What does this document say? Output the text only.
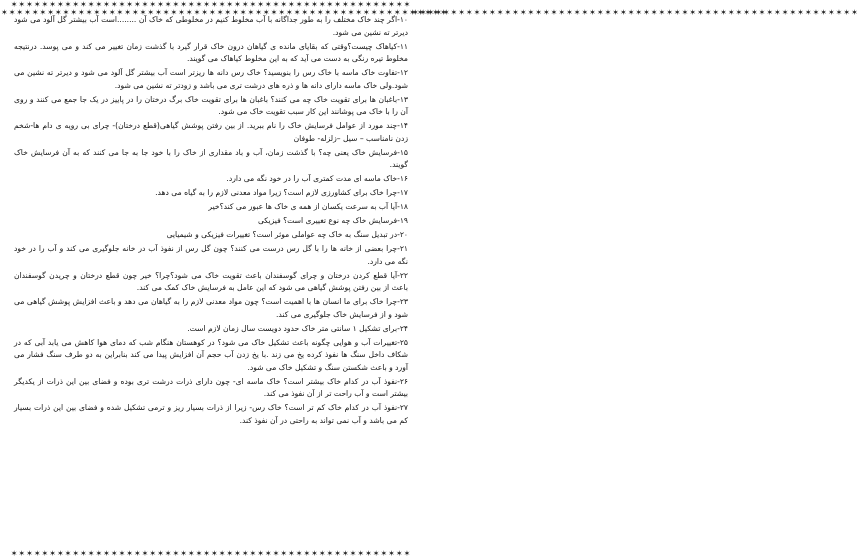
✶✶✶✶✶✶✶✶✶✶✶✶✶✶✶✶✶✶✶✶✶✶✶✶✶✶✶✶✶✶✶✶✶✶✶✶✶✶✶✶✶✶✶✶✶✶✶✶✶✶✶✶
✶✶✶✶✶✶✶✶✶✶✶✶✶✶✶✶✶✶✶✶✶✶✶✶✶✶✶✶✶✶✶✶✶✶✶✶✶✶✶✶✶✶✶✶✶✶✶✶✶✶✶✶
✶✶✶✶✶✶✶✶✶✶✶✶✶✶✶✶✶✶✶✶✶✶✶✶✶✶✶✶✶✶✶✶✶✶✶✶✶✶✶✶✶✶✶✶✶✶✶✶✶✶✶✶✶✶✶✶✶✶
✶✶✶✶✶✶✶✶✶✶✶✶✶✶✶✶✶✶✶✶✶✶✶✶✶✶✶✶✶✶✶✶✶✶✶✶✶✶✶✶✶✶✶✶✶✶✶✶✶✶✶✶✶✶✶✶✶✶

۱۰-اگر چند خاک مختلف را به طور جداگانه با آب مخلوط کنیم در مخلوطی که خاک آن ........است آب بیشتر گل آلود می شود دیرتر ته نشین می شود.

۱۱-کیاهاک چیست؟وقتی که بقایای مانده ی گیاهان درون خاک قرار گیرد با گذشت زمان تغییر می کند و می پوسد. درنتیجه مخلوط تیره رنگی به دست می آید که به این مخلوط کیاهاک می گویند.

۱۲-تفاوت خاک ماسه با خاک رس را بنویسید؟ خاک رس دانه ها ریزتر است آب بیشتر گل آلود می شود و دیرتر ته نشین می شود.ولی خاک ماسه دارای دانه ها و ذره های درشت تری می باشد و زودتر ته نشین می شود.

۱۳-باغبان ها برای تقویت خاک چه می کنند؟ باغبان ها برای تقویت خاک برگ درختان را در پاییز در یک جا جمع می کنند و روی آن را با خاک می پوشانند این کار سبب تقویت خاک می شود.

۱۴-چند مورد از عوامل فرسایش خاک را نام ببرید. از بین رفتن پوشش گیاهی(قطع درختان)- چرای بی رویه ی دام ها-شخم زدن نامناسب – سیل –زلزله- طوفان

۱۵-فرسایش خاک یعنی چه؟ با گذشت زمان، آب و باد مقداری از خاک را با خود جا به جا می کنند که به آن فرسایش خاک گویند.

۱۶-خاک ماسه ای مدت کمتری آب را در خود نگه می دارد.

۱۷-چرا خاک برای کشاورزی لازم است؟ زیرا مواد معدنی لازم را به گیاه می دهد.

۱۸-آیا آب به سرعت یکسان از همه ی خاک ها عبور می کند؟خیر

۱۹-فرسایش خاک چه نوع تغییری است؟ فیزیکی

۲۰-در تبدیل سنگ به خاک چه عواملی موثر است؟ تغییرات فیزیکی و شیمیایی

۲۱-چرا بعضی از خانه ها را با گل رس درست می کنند؟ چون گل رس از نفوذ آب در خانه جلوگیری می کند و آب را در خود نگه می دارد.

۲۲-آیا قطع کردن درختان و چرای گوسفندان باعث تقویت خاک می شود؟چرا؟ خیر چون قطع درختان و چریدن گوسفندان باعث از بین رفتن پوشش گیاهی می شود که این عامل به فرسایش خاک کمک می کند.

۲۳-چرا خاک برای ما انسان ها با اهمیت است؟ چون مواد معدنی لازم را به گیاهان می دهد و باعث افزایش پوشش گیاهی می شود و از فرسایش خاک جلوگیری می کند.

۲۴-برای تشکیل ۱ سانتی متر خاک حدود دویست سال زمان لازم است.

۲۵-تغییرات آب و هوایی چگونه باعث تشکیل خاک می شود؟ در کوهستان هنگام شب که دمای هوا کاهش می یابد آبی که در شکاف داخل سنگ ها نفوذ کرده یخ می زند .با یخ زدن آب حجم آن افزایش پیدا می کند بنابراین به دو طرف سنگ فشار می آورد و باعث شکستن سنگ و تشکیل خاک می شود.

۲۶-نفوذ آب در کدام خاک بیشتر است؟ خاک ماسه ای- چون دارای ذرات درشت تری بوده و فضای بین این ذرات از یکدیگر بیشتر است و آب راحت تر از آن نفوذ می کند.

۲۷-نفوذ آب در کدام خاک کم تر است؟ خاک رس- زیرا از ذرات بسیار ریز و ترمی تشکیل شده و فضای بین این ذرات بسیار کم می باشد و آب نمی تواند به راحتی در آن نفوذ کند.
